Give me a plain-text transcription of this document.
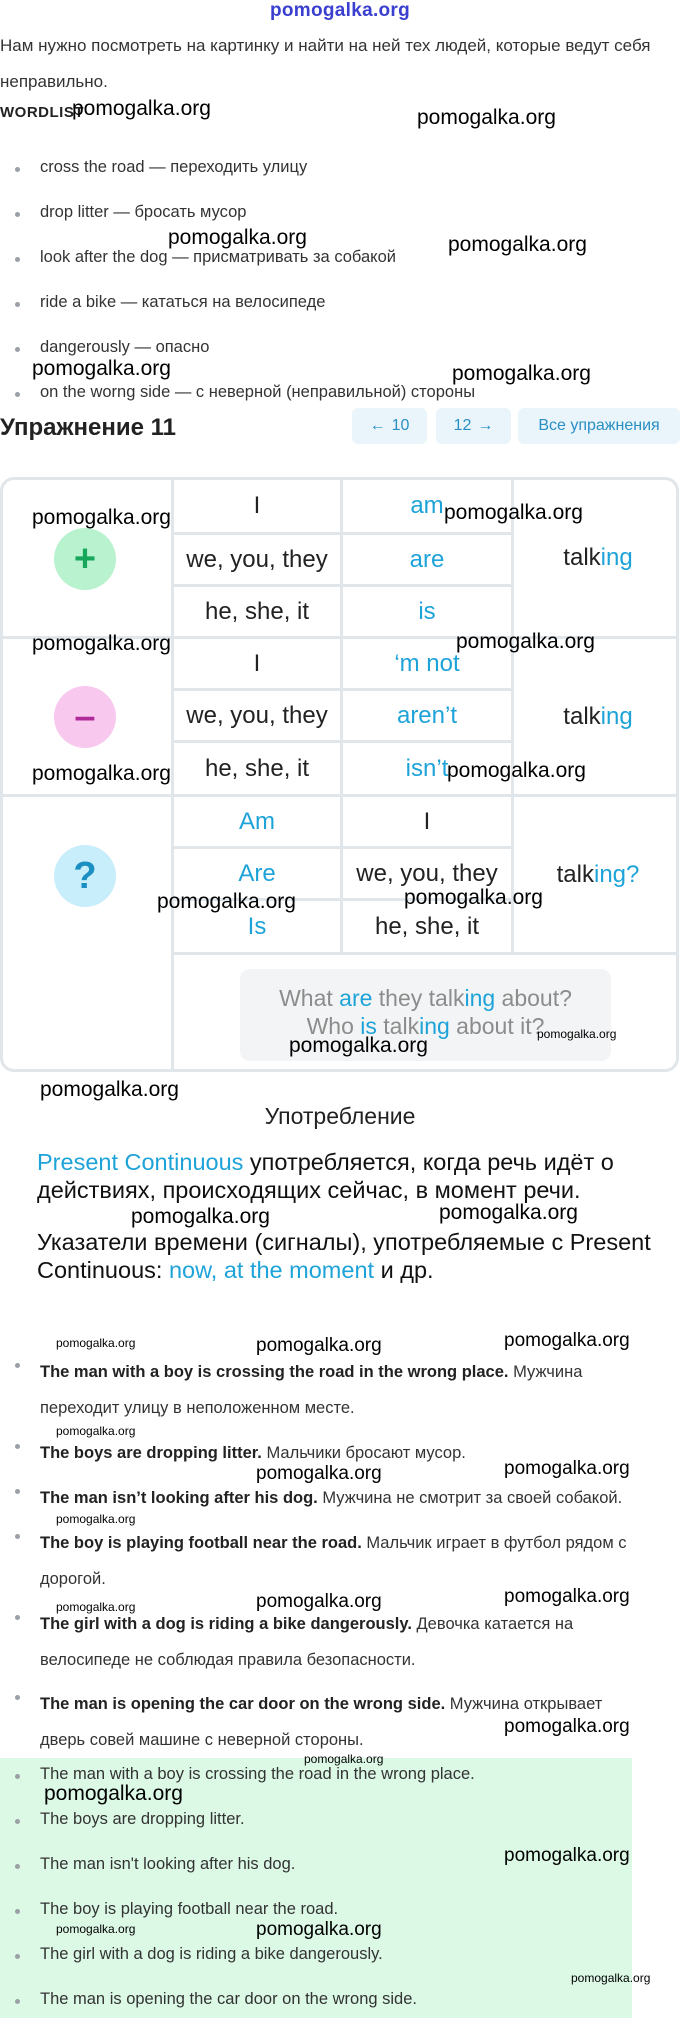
pomogalka.org
Нам нужно посмотреть на картинку и найти на ней тех людей, которые ведут себя неправильно.
WORDLIST
cross the road — переходить улицу
drop litter — бросать мусор
look after the dog — присматривать за собакой
ride a bike — кататься на велосипеде
dangerously — опасно
on the worng side — с неверной (неправильной) стороны
Упражнение 11	← 10	12 →	Все упражнения
+
I	am
we, you, they	are
he, she, it	is
talk ing
–
I	‘m not
we, you, they	aren’t
he, she, it	isn’t
talk ing
?
Am	I
Are	we, you, they
Is	he, she, it
talk ing?
What are they talking about?
Who is talking about it?
Употребление
Present Continuous употребляется, когда речь идёт о действиях, происходящих сейчас, в момент речи.
Указатели времени (сигналы), употребляемые с Present Continuous: now, at the moment и др.
The man with a boy is crossing the road in the wrong place. Мужчина переходит улицу в неположенном месте.
The boys are dropping litter. Мальчики бросают мусор.
The man isn’t looking after his dog. Мужчина не смотрит за своей собакой.
The boy is playing football near the road. Мальчик играет в футбол рядом с дорогой.
The girl with a dog is riding a bike dangerously. Девочка катается на велосипеде не соблюдая правила безопасности.
The man is opening the car door on the wrong side. Мужчина открывает дверь совей машине с неверной стороны.
The man with a boy is crossing the road in the wrong place.
The boys are dropping litter.
The man isn't looking after his dog.
The boy is playing football near the road.
The girl with a dog is riding a bike dangerously.
The man is opening the car door on the wrong side.
pomogalka.org	pomogalka.org
pomogalka.org	pomogalka.org
pomogalka.org	pomogalka.org
pomogalka.org	pomogalka.org
pomogalka.org	pomogalka.org
pomogalka.org	pomogalka.org
pomogalka.org	pomogalka.org
pomogalka.org	pomogalka.org
pomogalka.org
pomogalka.org	pomogalka.org
pomogalka.org	pomogalka.org	pomogalka.org
pomogalka.org
pomogalka.org	pomogalka.org
pomogalka.org
pomogalka.org	pomogalka.org	pomogalka.org
pomogalka.org
pomogalka.org
pomogalka.org
pomogalka.org
pomogalka.org	pomogalka.org
pomogalka.org
